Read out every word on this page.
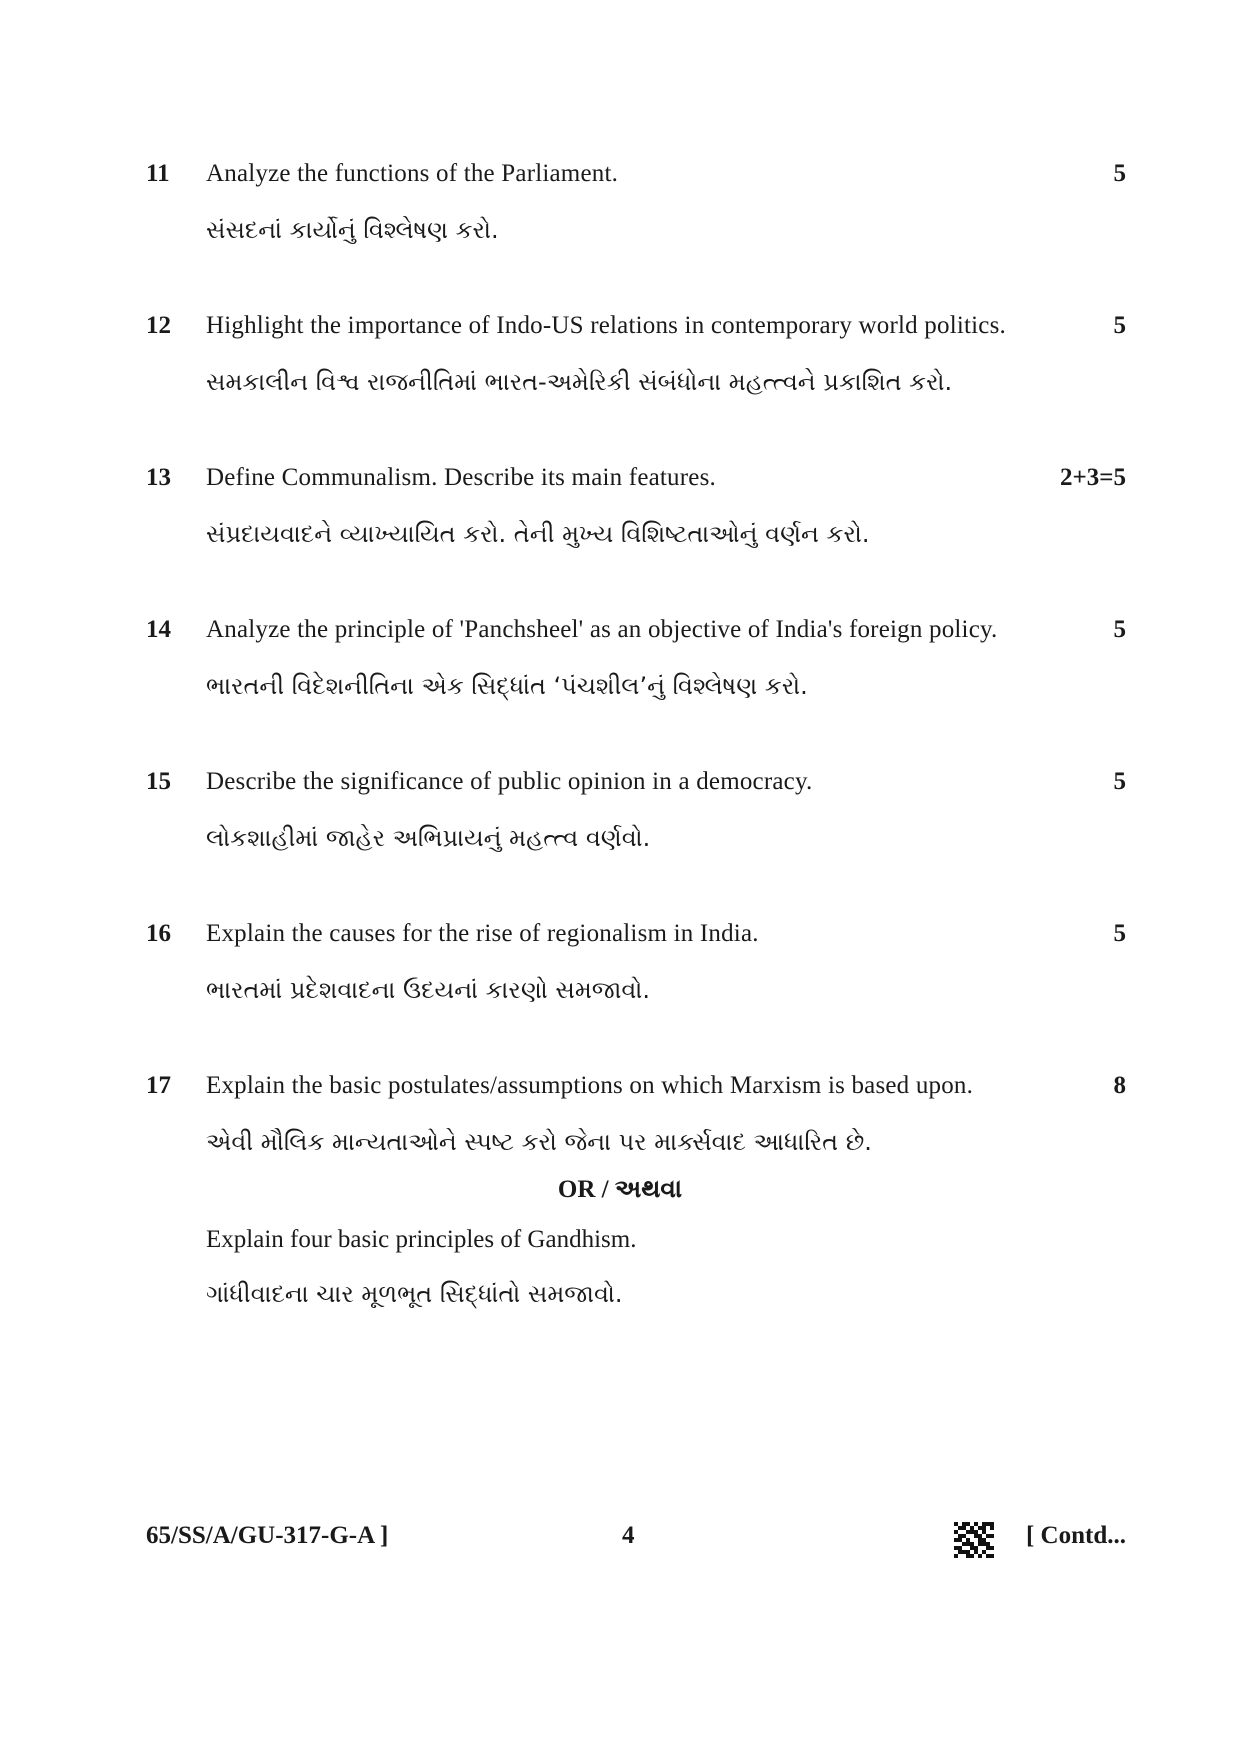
11 Analyze the functions of the Parliament.	5
સંસદનાં કાર્યોનું વિશ્લેષણ કરો.
12 Highlight the importance of Indo-US relations in contemporary world politics.	5
સમકાલીન વિશ્વ રાજનીતિમાં ભારત-અમેરિકી સંબંધોના મહત્ત્વને પ્રકાશિત કરો.
13 Define Communalism. Describe its main features.	2+3=5
સંપ્રદાયવાદને વ્યાખ્યાયિત કરો. તેની મુખ્ય વિશિષ્ટતાઓનું વર્ણન કરો.
14 Analyze the principle of 'Panchsheel' as an objective of India's foreign policy.	5
ભારતની વિદેશનીતિના એક સિદ્ધાંત ‘પંચશીલ’નું વિશ્લેષણ કરો.
15 Describe the significance of public opinion in a democracy.	5
લોકશાહીમાં જાહેર અભિપ્રાયનું મહત્ત્વ વર્ણવો.
16 Explain the causes for the rise of regionalism in India.	5
ભારતમાં પ્રદેશવાદના ઉદયનાં કારણો સમજાવો.
17 Explain the basic postulates/assumptions on which Marxism is based upon.	8
એવી મૌલિક માન્યતાઓને સ્પષ્ટ કરો જેના પર માર્ક્સવાદ આધારિત છે.
OR / અથવા
Explain four basic principles of Gandhism.
ગાંધીવાદના ચાર મૂળભૂત સિદ્ધાંતો સમજાવો.
65/SS/A/GU-317-G-A ]	4	[ Contd...
